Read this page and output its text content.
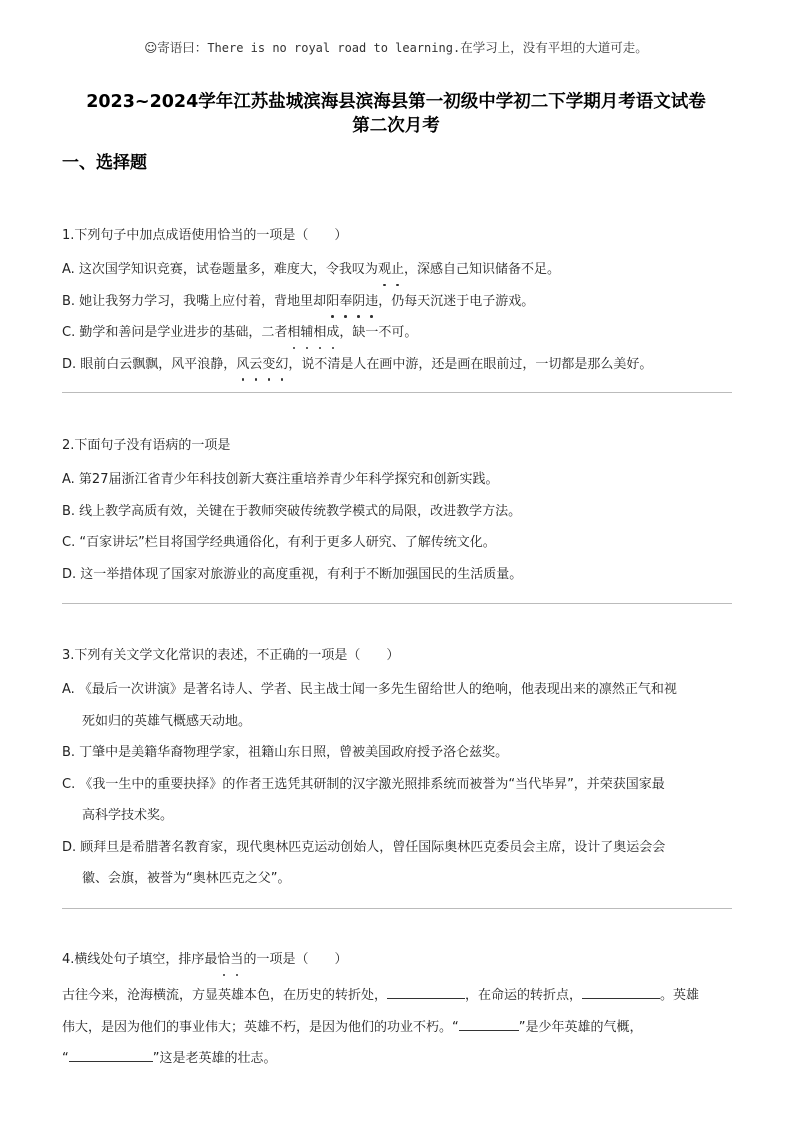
☺寄语曰：There is no royal road to learning.在学习上，没有平坦的大道可走。
2023~2024学年江苏盐城滨海县滨海县第一初级中学初二下学期月考语文试卷
第二次月考
一、选择题
1.下列句子中加点成语使用恰当的一项是（　　）
A. 这次国学知识竞赛，试卷题量多，难度大，令我叹为观止，深感自己知识储备不足。
B. 她让我努力学习，我嘴上应付着，背地里却阳奉阴违，仍每天沉迷于电子游戏。
C. 勤学和善问是学业进步的基础，二者相辅相成，缺一不可。
D. 眼前白云飘飘，风平浪静，风云变幻，说不清是人在画中游，还是画在眼前过，一切都是那么美好。
2.下面句子没有语病的一项是
A. 第27届浙江省青少年科技创新大赛注重培养青少年科学探究和创新实践。
B. 线上教学高质有效，关键在于教师突破传统教学模式的局限，改进教学方法。
C. “百家讲坛”栏目将国学经典通俗化，有利于更多人研究、了解传统文化。
D. 这一举措体现了国家对旅游业的高度重视，有利于不断加强国民的生活质量。
3.下列有关文学文化常识的表述，不正确的一项是（　　）
A. 《最后一次讲演》是著名诗人、学者、民主战士闻一多先生留给世人的绝响，他表现出来的凛然正气和视
死如归的英雄气概感天动地。
B. 丁肇中是美籍华裔物理学家，祖籍山东日照，曾被美国政府授予洛仑兹奖。
C. 《我一生中的重要抉择》的作者王选凭其研制的汉字激光照排系统而被誉为“当代毕昇”，并荣获国家最
高科学技术奖。
D. 顾拜旦是希腊著名教育家，现代奥林匹克运动创始人，曾任国际奥林匹克委员会主席，设计了奥运会会
徽、会旗，被誉为“奥林匹克之父”。
4.横线处句子填空，排序最恰当的一项是（　　）
古往今来，沧海横流，方显英雄本色，在历史的转折处，	，在命运的转折点，	。英雄
伟大，是因为他们的事业伟大；英雄不朽，是因为他们的功业不朽。“	”是少年英雄的气概，
“	”这是老英雄的壮志。
